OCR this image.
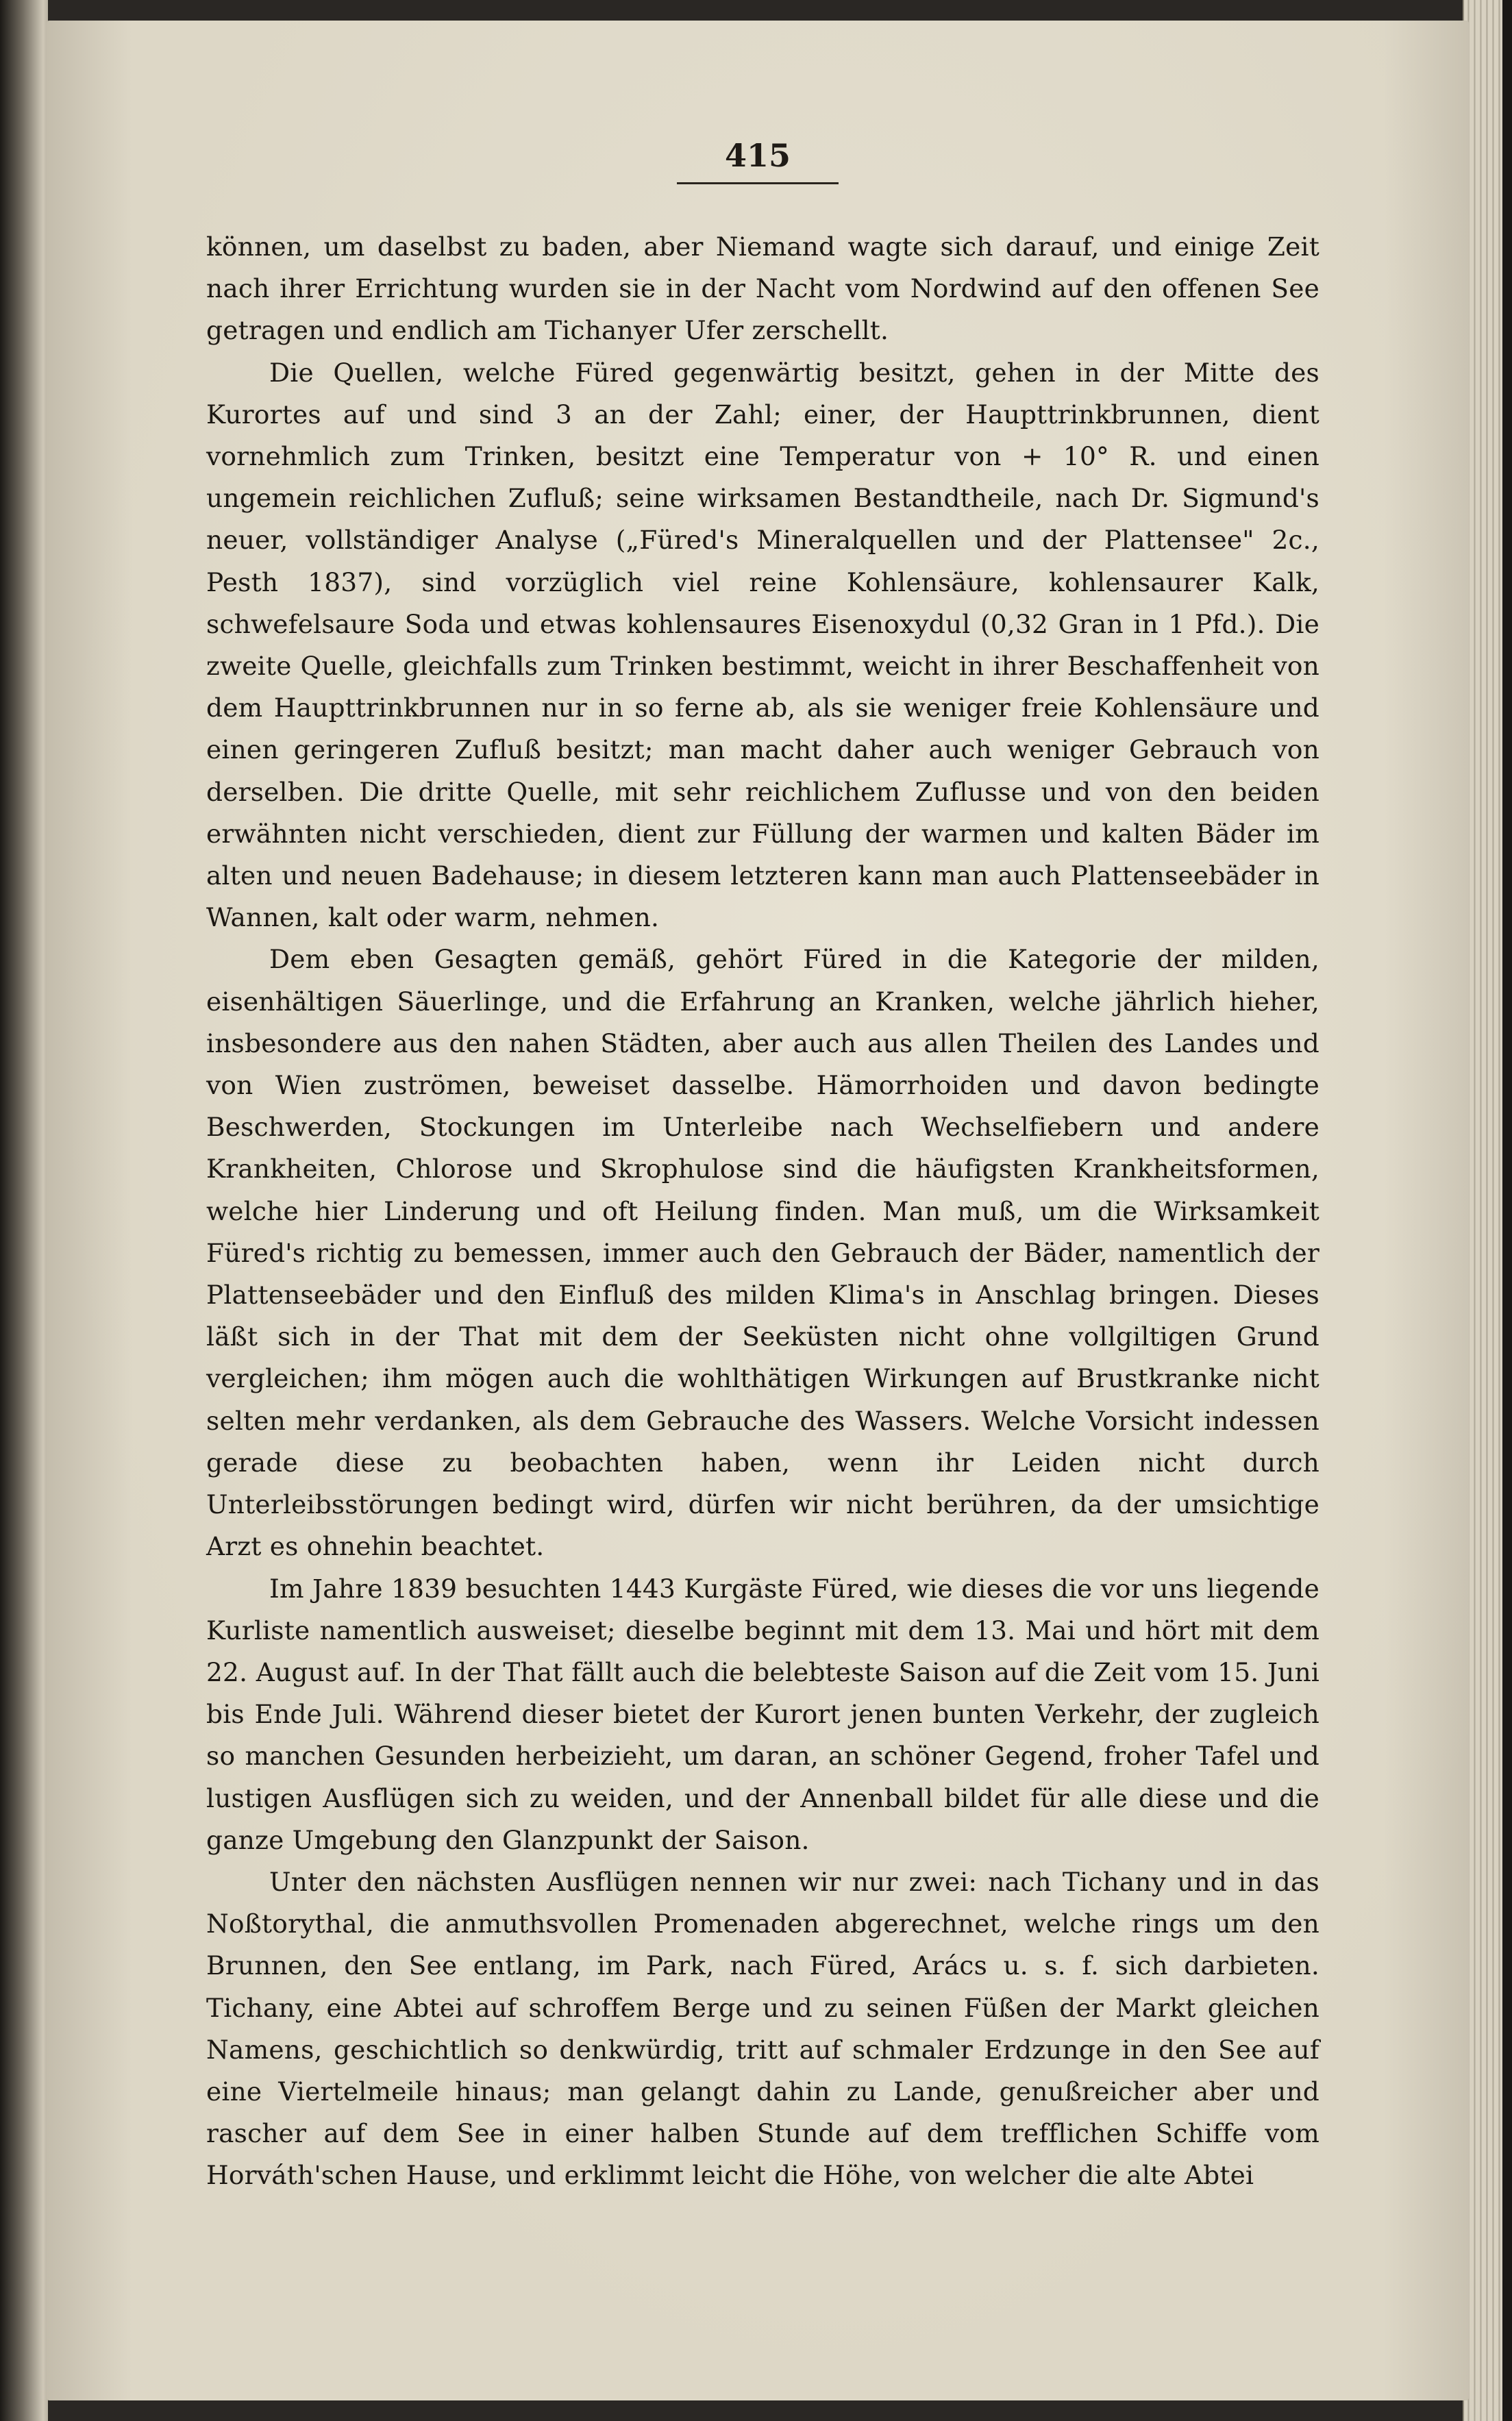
415

können, um daselbst zu baden, aber Niemand wagte sich darauf, und einige Zeit nach ihrer Errichtung wurden sie in der Nacht vom Nordwind auf den offenen See getragen und endlich am Tichanyer Ufer zerschellt.

Die Quellen, welche Füred gegenwärtig besitzt, gehen in der Mitte des Kurortes auf und sind 3 an der Zahl; einer, der Haupttrinkbrunnen, dient vornehmlich zum Trinken, besitzt eine Temperatur von + 10° R. und einen ungemein reichlichen Zufluß; seine wirksamen Bestandtheile, nach Dr. Sigmund's neuer, vollständiger Analyse („Füred's Mineralquellen und der Plattensee" 2c., Pesth 1837), sind vorzüglich viel reine Kohlensäure, kohlensaurer Kalk, schwefelsaure Soda und etwas kohlensaures Eisenoxydul (0,32 Gran in 1 Pfd.). Die zweite Quelle, gleichfalls zum Trinken bestimmt, weicht in ihrer Beschaffenheit von dem Haupttrinkbrunnen nur in so ferne ab, als sie weniger freie Kohlensäure und einen geringeren Zufluß besitzt; man macht daher auch weniger Gebrauch von derselben. Die dritte Quelle, mit sehr reichlichem Zuflusse und von den beiden erwähnten nicht verschieden, dient zur Füllung der warmen und kalten Bäder im alten und neuen Badehause; in diesem letzteren kann man auch Plattenseebäder in Wannen, kalt oder warm, nehmen.

Dem eben Gesagten gemäß, gehört Füred in die Kategorie der milden, eisenhältigen Säuerlinge, und die Erfahrung an Kranken, welche jährlich hieher, insbesondere aus den nahen Städten, aber auch aus allen Theilen des Landes und von Wien zuströmen, beweiset dasselbe. Hämorrhoiden und davon bedingte Beschwerden, Stockungen im Unterleibe nach Wechselfiebern und andere Krankheiten, Chlorose und Skrophulose sind die häufigsten Krankheitsformen, welche hier Linderung und oft Heilung finden. Man muß, um die Wirksamkeit Füred's richtig zu bemessen, immer auch den Gebrauch der Bäder, namentlich der Plattenseebäder und den Einfluß des milden Klima's in Anschlag bringen. Dieses läßt sich in der That mit dem der Seeküsten nicht ohne vollgiltigen Grund vergleichen; ihm mögen auch die wohlthätigen Wirkungen auf Brustkranke nicht selten mehr verdanken, als dem Gebrauche des Wassers. Welche Vorsicht indessen gerade diese zu beobachten haben, wenn ihr Leiden nicht durch Unterleibsstörungen bedingt wird, dürfen wir nicht berühren, da der umsichtige Arzt es ohnehin beachtet.

Im Jahre 1839 besuchten 1443 Kurgäste Füred, wie dieses die vor uns liegende Kurliste namentlich ausweiset; dieselbe beginnt mit dem 13. Mai und hört mit dem 22. August auf. In der That fällt auch die belebteste Saison auf die Zeit vom 15. Juni bis Ende Juli. Während dieser bietet der Kurort jenen bunten Verkehr, der zugleich so manchen Gesunden herbeizieht, um daran, an schöner Gegend, froher Tafel und lustigen Ausflügen sich zu weiden, und der Annenball bildet für alle diese und die ganze Umgebung den Glanzpunkt der Saison.

Unter den nächsten Ausflügen nennen wir nur zwei: nach Tichany und in das Noßtorythal, die anmuthsvollen Promenaden abgerechnet, welche rings um den Brunnen, den See entlang, im Park, nach Füred, Arács u. s. f. sich darbieten. Tichany, eine Abtei auf schroffem Berge und zu seinen Füßen der Markt gleichen Namens, geschichtlich so denkwürdig, tritt auf schmaler Erdzunge in den See auf eine Viertelmeile hinaus; man gelangt dahin zu Lande, genußreicher aber und rascher auf dem See in einer halben Stunde auf dem trefflichen Schiffe vom Horváth'schen Hause, und erklimmt leicht die Höhe, von welcher die alte Abtei
